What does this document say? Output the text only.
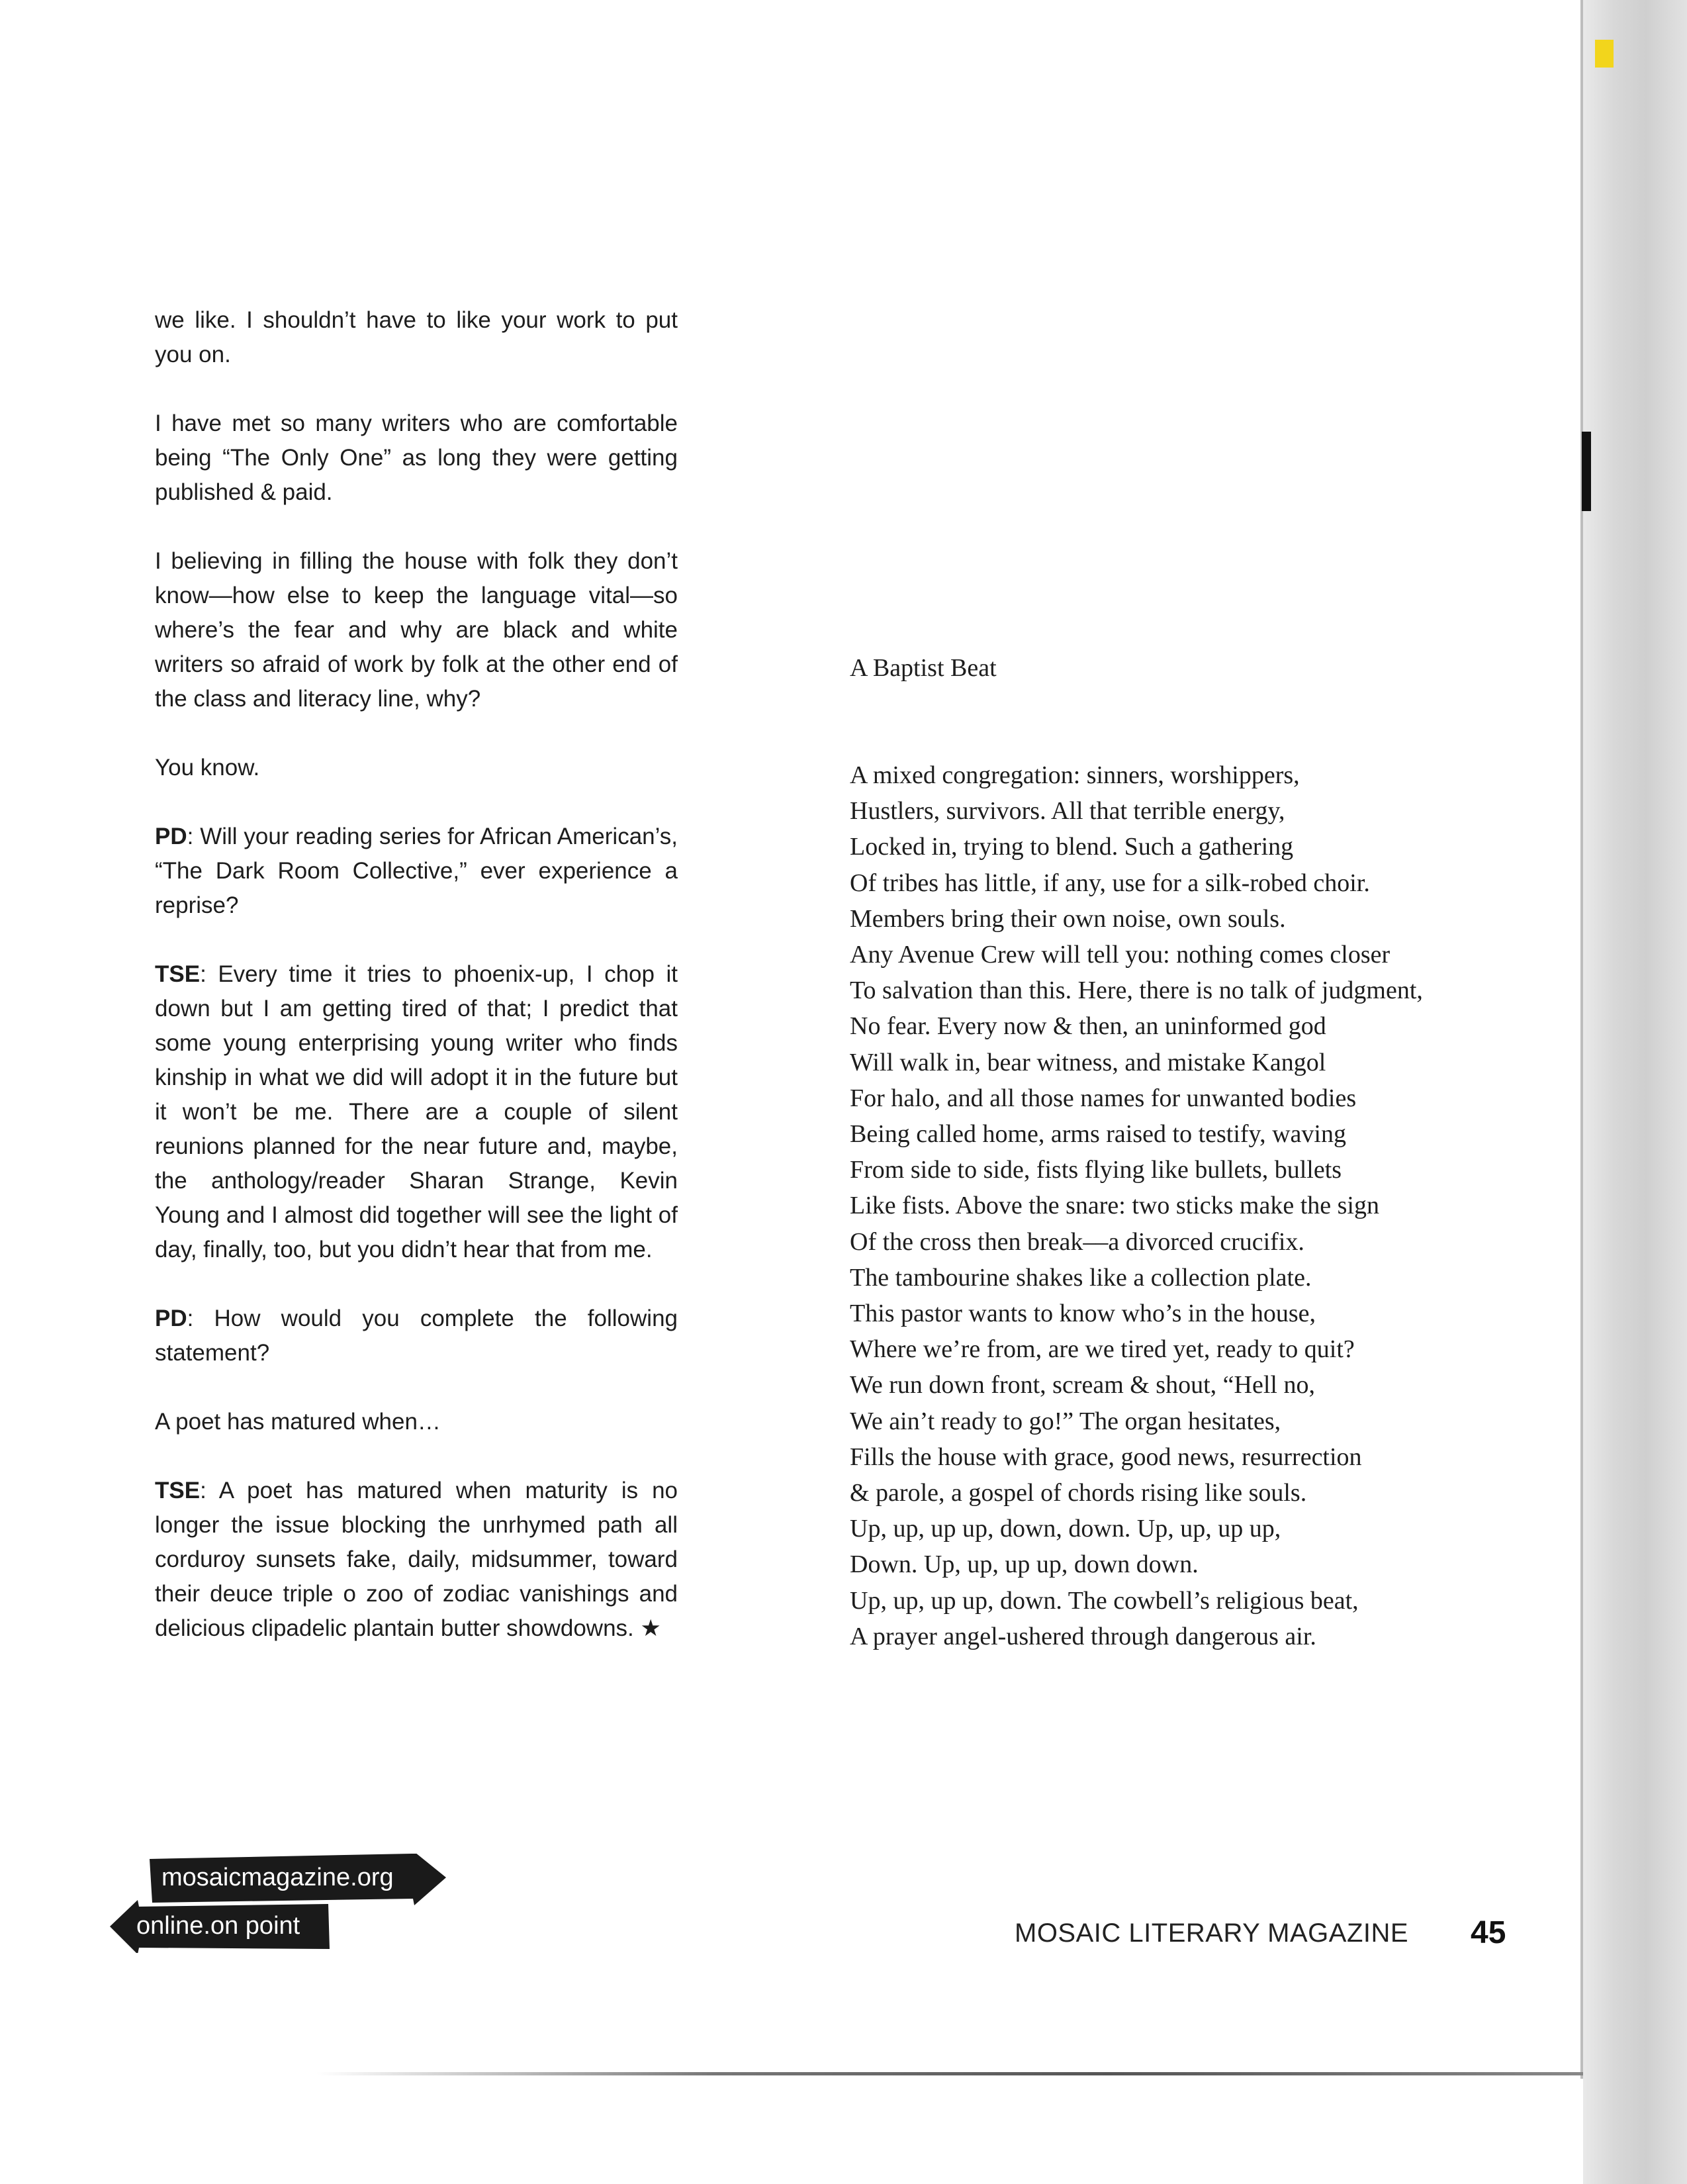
we like. I shouldn’t have to like your work to put you on.

I have met so many writers who are comfortable being “The Only One” as long they were getting published & paid.

I believing in filling the house with folk they don’t know—how else to keep the language vital—so where’s the fear and why are black and white writers so afraid of work by folk at the other end of the class and literacy line, why?

You know.

PD: Will your reading series for African American’s, “The Dark Room Collective,” ever experience a reprise?

TSE: Every time it tries to phoenix-up, I chop it down but I am getting tired of that; I predict that some young enterprising young writer who finds kinship in what we did will adopt it in the future but it won’t be me. There are a couple of silent reunions planned for the near future and, maybe, the anthology/reader Sharan Strange, Kevin Young and I almost did together will see the light of day, finally, too, but you didn’t hear that from me.

PD: How would you complete the following statement?

A poet has matured when…

TSE: A poet has matured when maturity is no longer the issue blocking the unrhymed path all corduroy sunsets fake, daily, midsummer, toward their deuce triple o zoo of zodiac vanishings and delicious clipadelic plantain butter showdowns. ★

A Baptist Beat
A mixed congregation: sinners, worshippers,
Hustlers, survivors. All that terrible energy,
Locked in, trying to blend. Such a gathering
Of tribes has little, if any, use for a silk-robed choir.
Members bring their own noise, own souls.
Any Avenue Crew will tell you: nothing comes closer
To salvation than this. Here, there is no talk of judgment,
No fear. Every now & then, an uninformed god
Will walk in, bear witness, and mistake Kangol
For halo, and all those names for unwanted bodies
Being called home, arms raised to testify, waving
From side to side, fists flying like bullets, bullets
Like fists. Above the snare: two sticks make the sign
Of the cross then break––a divorced crucifix.
The tambourine shakes like a collection plate.
This pastor wants to know who’s in the house,
Where we’re from, are we tired yet, ready to quit?
We run down front, scream & shout, “Hell no,
We ain’t ready to go!” The organ hesitates,
Fills the house with grace, good news, resurrection
& parole, a gospel of chords rising like souls.
Up, up, up up, down, down. Up, up, up up,
Down. Up, up, up up, down down.
Up, up, up up, down. The cowbell’s religious beat,
A prayer angel-ushered through dangerous air.
mosaicmagazine.org
online.on point	MOSAIC LITERARY MAGAZINE 45
